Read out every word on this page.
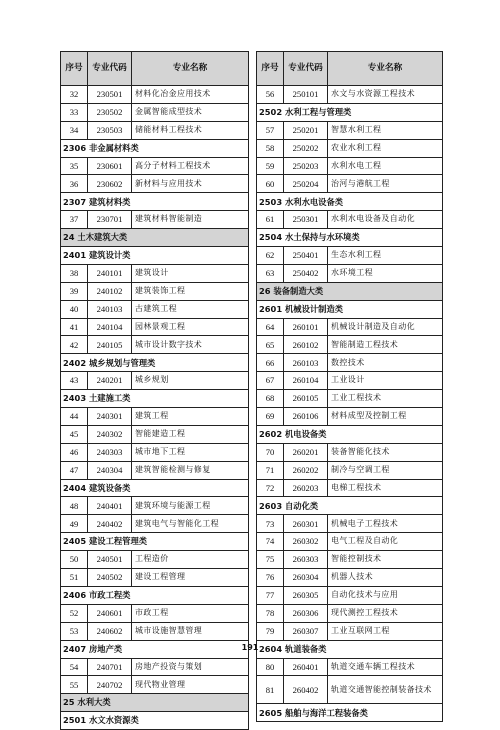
序号	专业代码	专业名称
32	230501	材料化冶金应用技术
33	230502	金属智能成型技术
34	230503	储能材料工程技术
2306 非金属材料类		
35	230601	高分子材料工程技术
36	230602	新材料与应用技术
2307 建筑材料类		
37	230701	建筑材料智能制造
24 土木建筑大类		
2401 建筑设计类		
38	240101	建筑设计
39	240102	建筑装饰工程
40	240103	古建筑工程
41	240104	园林景观工程
42	240105	城市设计数字技术
2402 城乡规划与管理类		
43	240201	城乡规划
2403 土建施工类		
44	240301	建筑工程
45	240302	智能建造工程
46	240303	城市地下工程
47	240304	建筑智能检测与修复
2404 建筑设备类		
48	240401	建筑环境与能源工程
49	240402	建筑电气与智能化工程
2405 建设工程管理类		
50	240501	工程造价
51	240502	建设工程管理
2406 市政工程类		
52	240601	市政工程
53	240602	城市设施智慧管理
2407 房地产类		
54	240701	房地产投资与策划
55	240702	现代物业管理
25 水利大类		
2501 水文水资源类		
序号	专业代码	专业名称
56	250101	水文与水资源工程技术
2502 水利工程与管理类		
57	250201	智慧水利工程
58	250202	农业水利工程
59	250203	水利水电工程
60	250204	治河与港航工程
2503 水利水电设备类		
61	250301	水利水电设备及自动化
2504 水土保持与水环境类		
62	250401	生态水利工程
63	250402	水环境工程
26 装备制造大类		
2601 机械设计制造类		
64	260101	机械设计制造及自动化
65	260102	智能制造工程技术
66	260103	数控技术
67	260104	工业设计
68	260105	工业工程技术
69	260106	材料成型及控制工程
2602 机电设备类		
70	260201	装备智能化技术
71	260202	制冷与空调工程
72	260203	电梯工程技术
2603 自动化类		
73	260301	机械电子工程技术
74	260302	电气工程及自动化
75	260303	智能控制技术
76	260304	机器人技术
77	260305	自动化技术与应用
78	260306	现代测控工程技术
79	260307	工业互联网工程
2604 轨道装备类		
80	260401	轨道交通车辆工程技术
81	260402	轨道交通智能控制装备技术
2605 船舶与海洋工程装备类		
191
